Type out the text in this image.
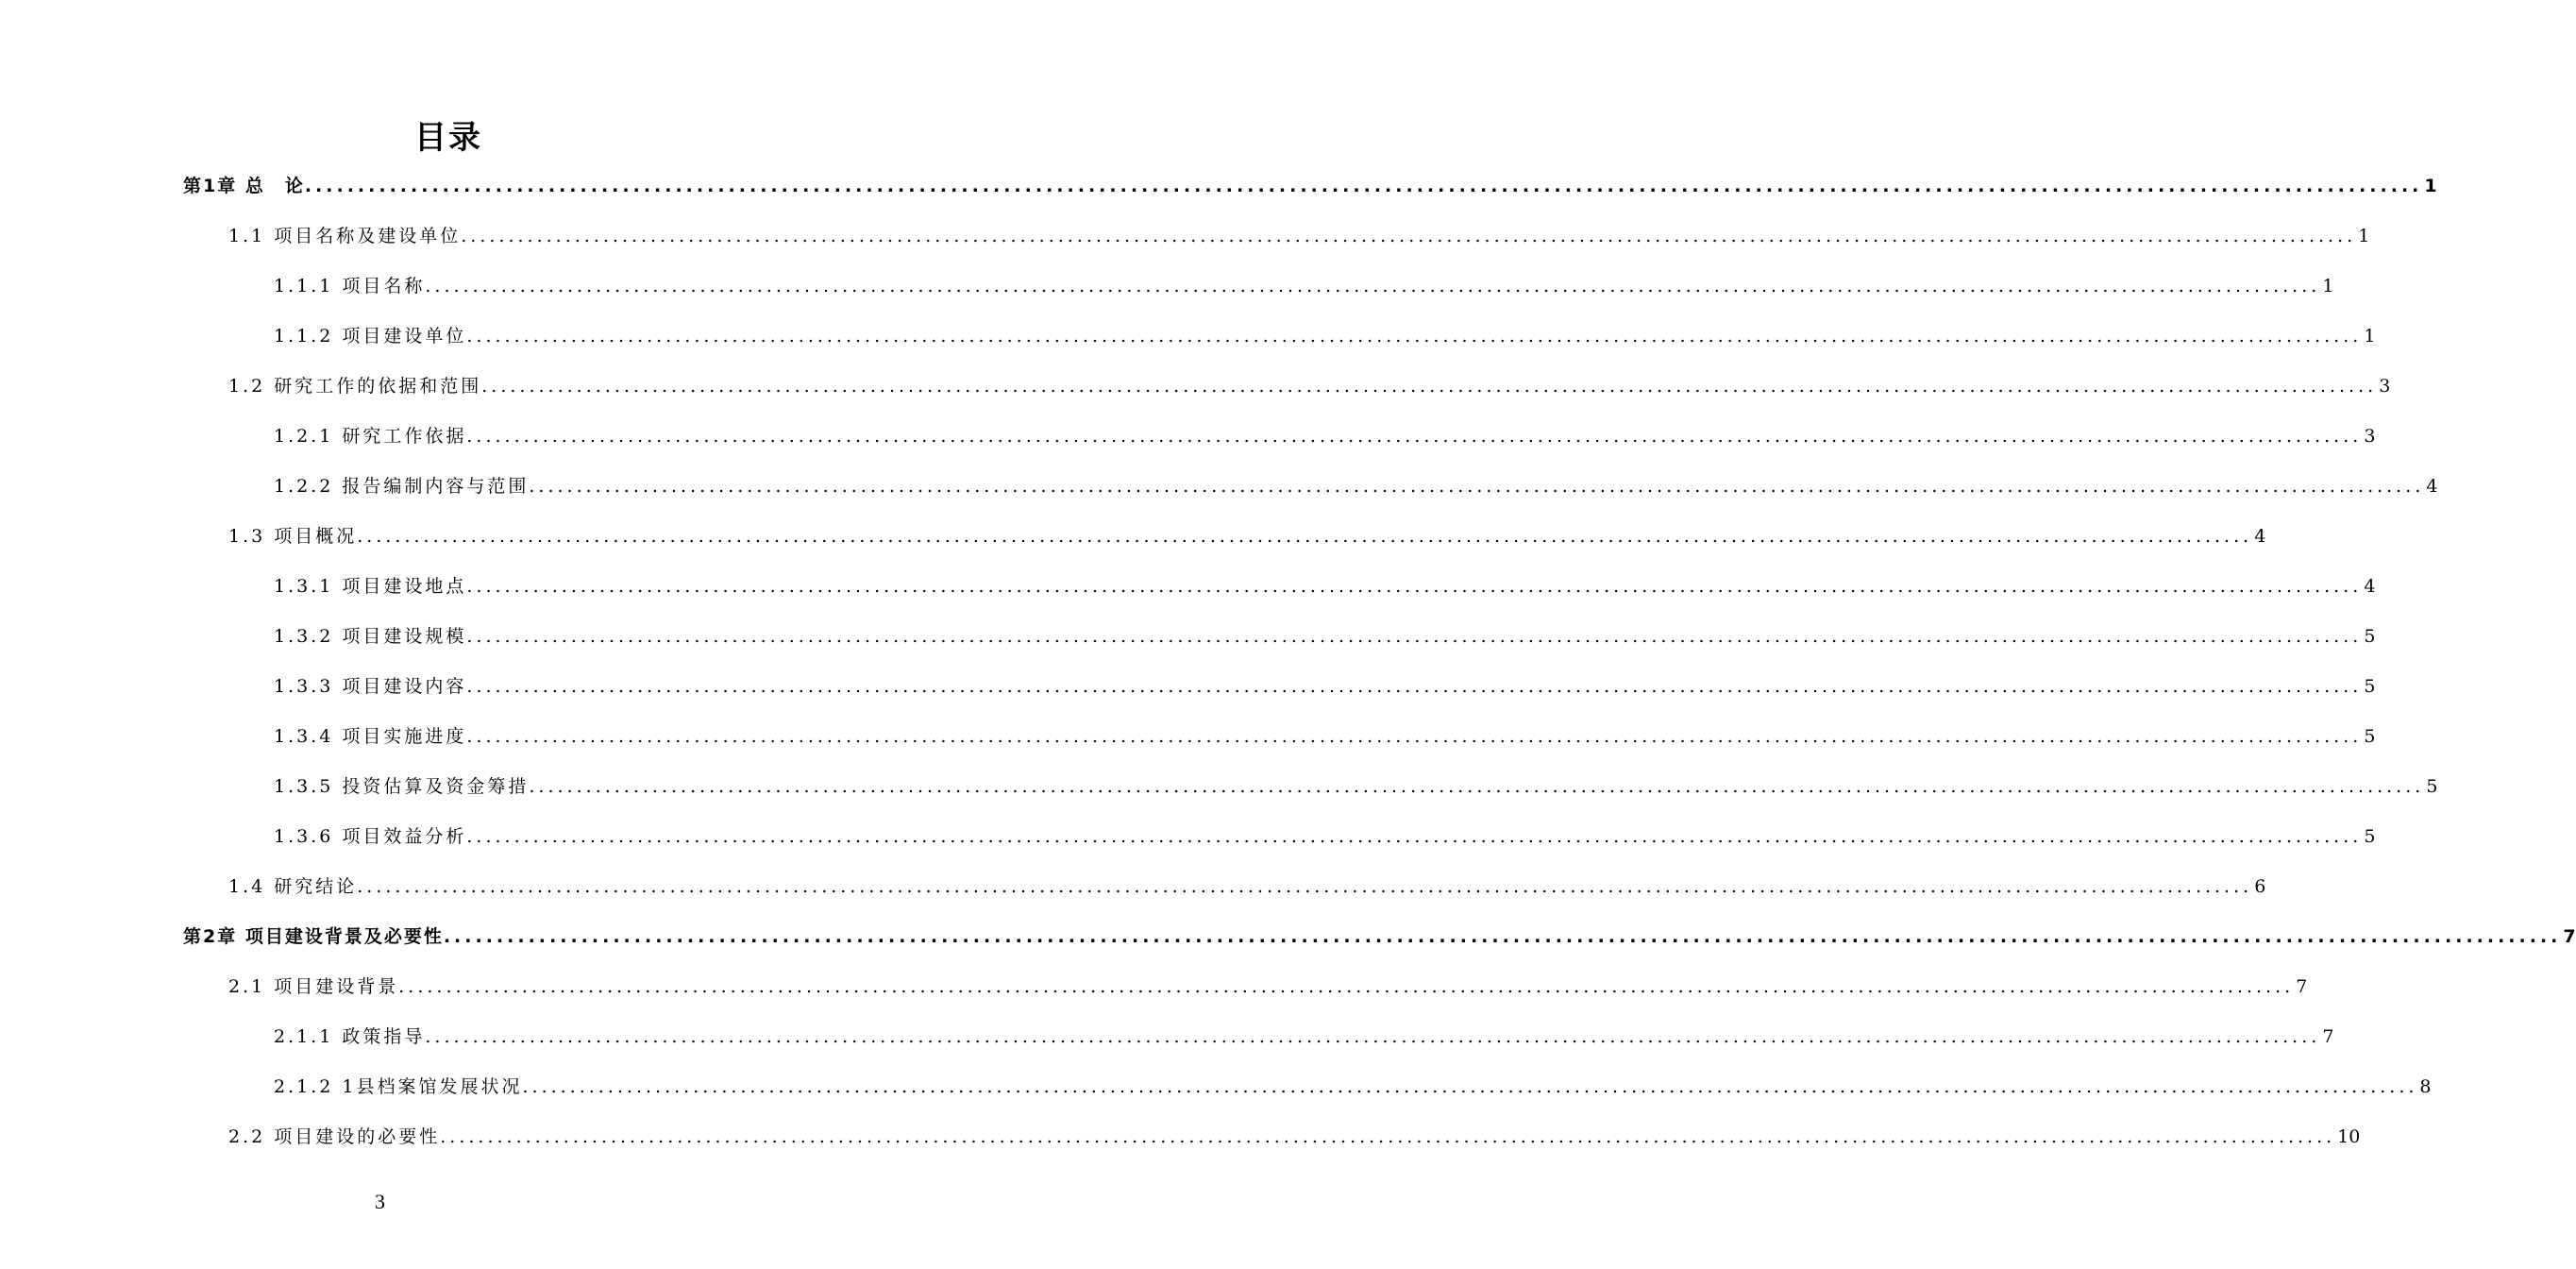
目录
第1章 总　论 ........................................................................................................................................................................................................ 1
1.1 项目名称及建设单位 ........................................................................................................................................................................................................ 1
1.1.1 项目名称 ........................................................................................................................................................................................................ 1
1.1.2 项目建设单位 ........................................................................................................................................................................................................ 1
1.2 研究工作的依据和范围 ........................................................................................................................................................................................................ 3
1.2.1 研究工作依据 ........................................................................................................................................................................................................ 3
1.2.2 报告编制内容与范围 ........................................................................................................................................................................................................ 4
1.3 项目概况 ........................................................................................................................................................................................................ 4
1.3.1 项目建设地点 ........................................................................................................................................................................................................ 4
1.3.2 项目建设规模 ........................................................................................................................................................................................................ 5
1.3.3 项目建设内容 ........................................................................................................................................................................................................ 5
1.3.4 项目实施进度 ........................................................................................................................................................................................................ 5
1.3.5 投资估算及资金筹措 ........................................................................................................................................................................................................ 5
1.3.6 项目效益分析 ........................................................................................................................................................................................................ 5
1.4 研究结论 ........................................................................................................................................................................................................ 6
第2章 项目建设背景及必要性 ........................................................................................................................................................................................................ 7
2.1 项目建设背景 ........................................................................................................................................................................................................ 7
2.1.1 政策指导 ........................................................................................................................................................................................................ 7
2.1.2 1县档案馆发展状况 ........................................................................................................................................................................................................ 8
2.2 项目建设的必要性 ........................................................................................................................................................................................................ 10
3
